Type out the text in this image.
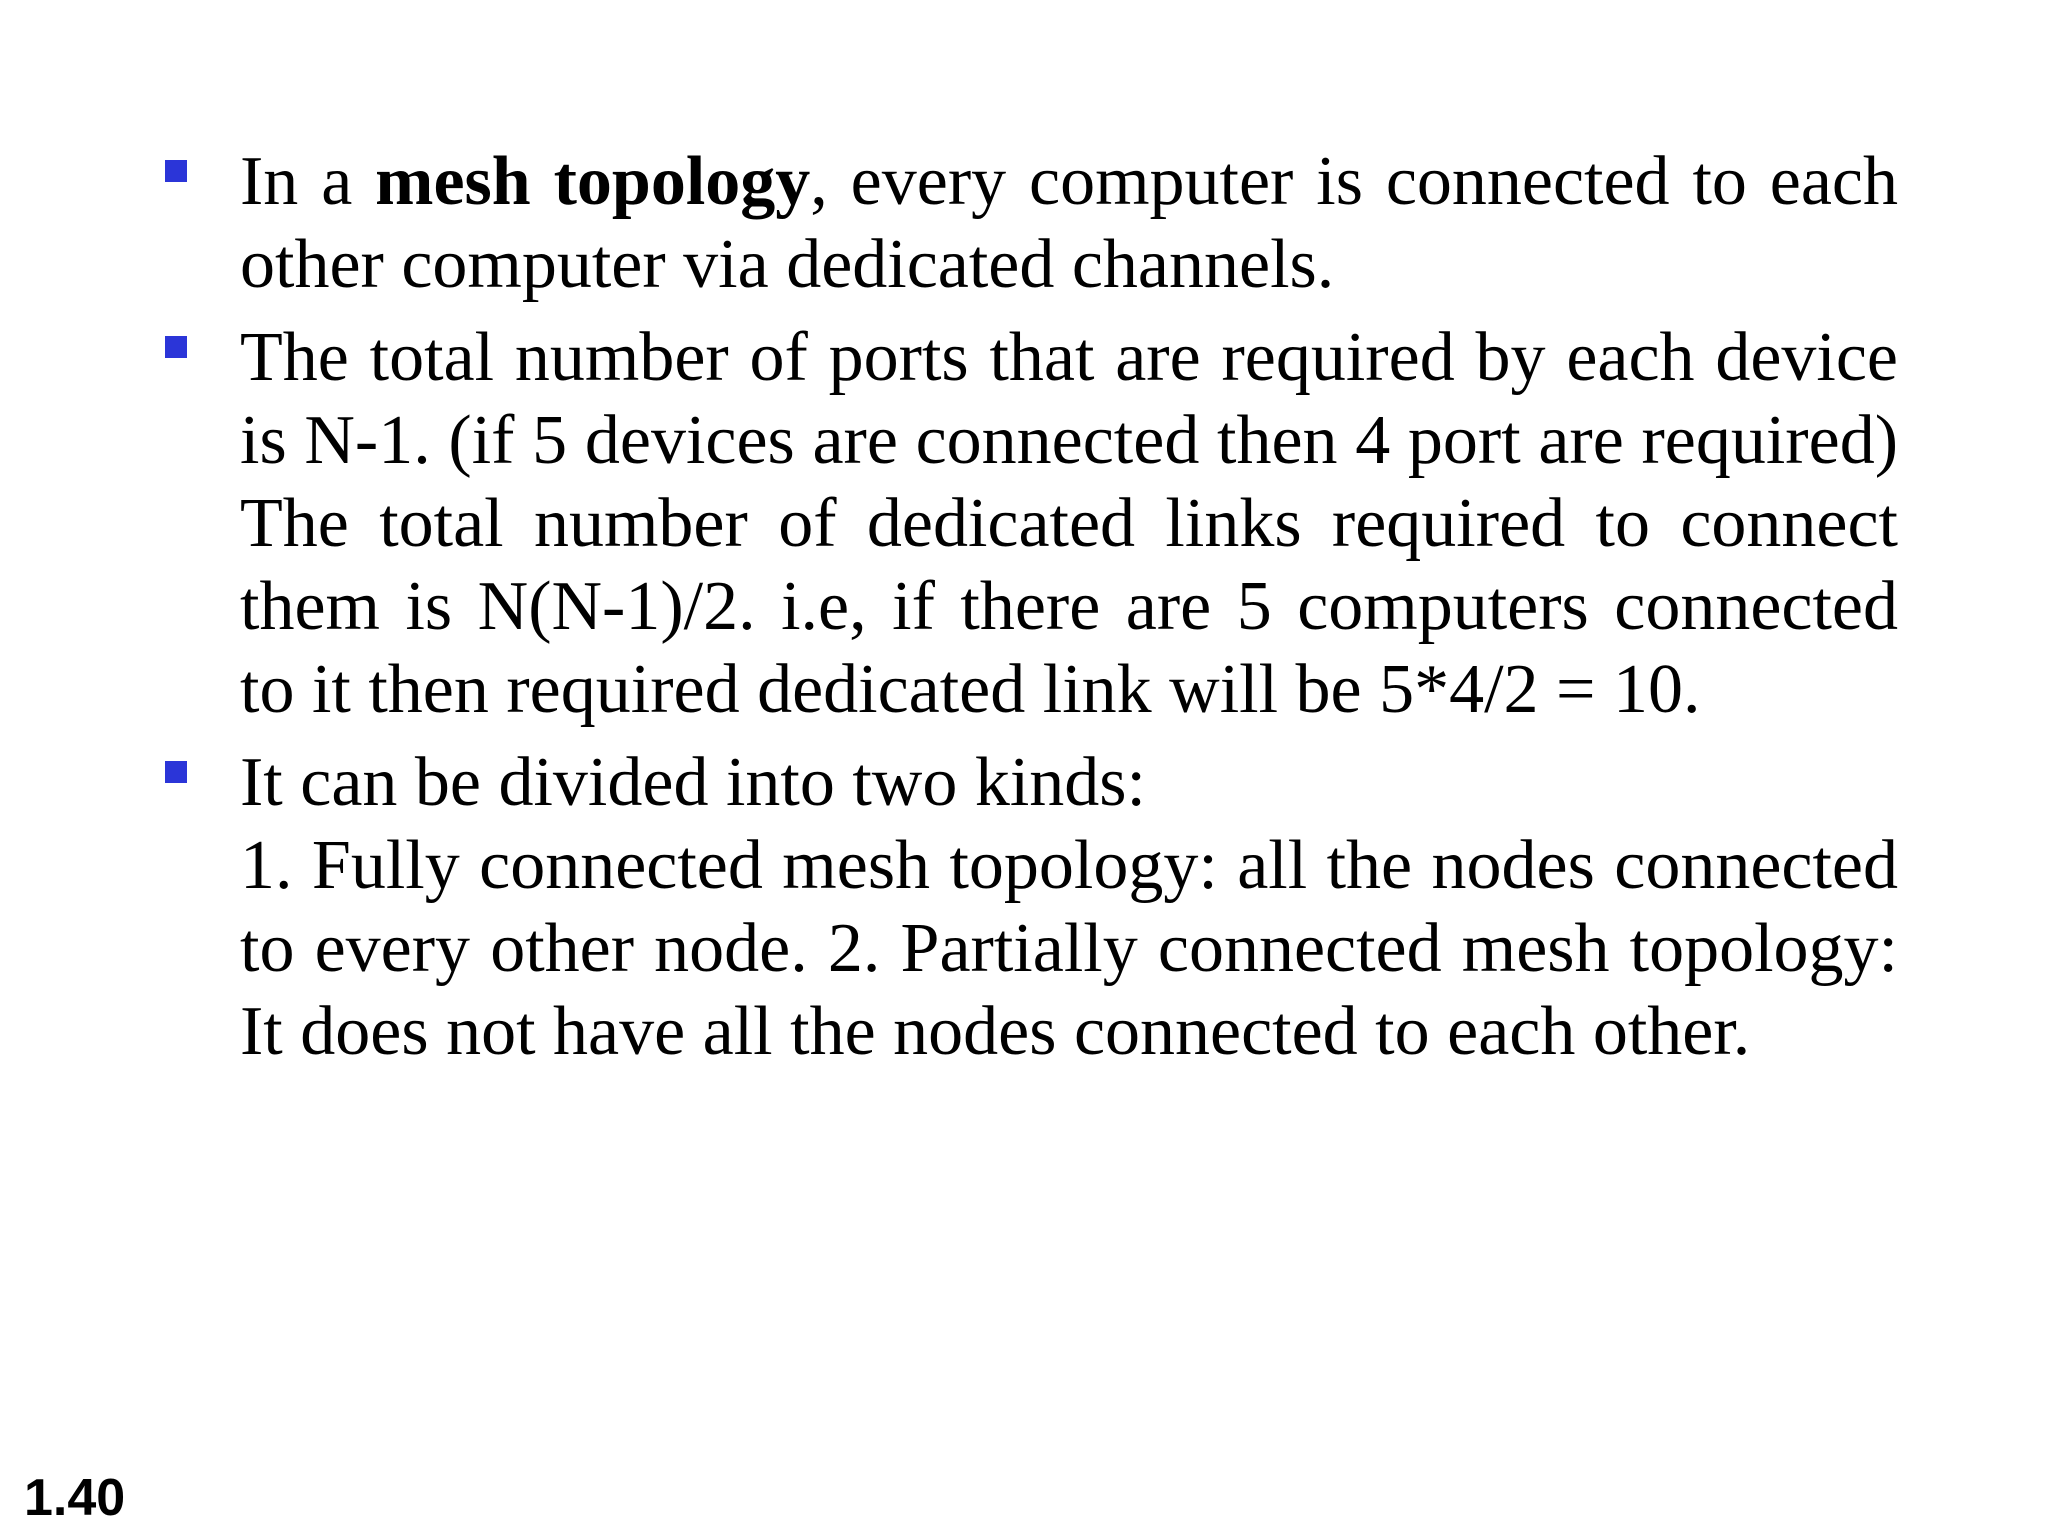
In a mesh topology, every computer is connected to each other computer via dedicated channels.
The total number of ports that are required by each device is N-1. (if 5 devices are connected then 4 port are required) The total number of dedicated links required to connect them is N(N-1)/2. i.e, if there are 5 computers connected to it then required dedicated link will be 5*4/2 = 10.
It can be divided into two kinds:
1. Fully connected mesh topology: all the nodes connected to every other node. 2. Partially connected mesh topology: It does not have all the nodes connected to each other.
1.40
